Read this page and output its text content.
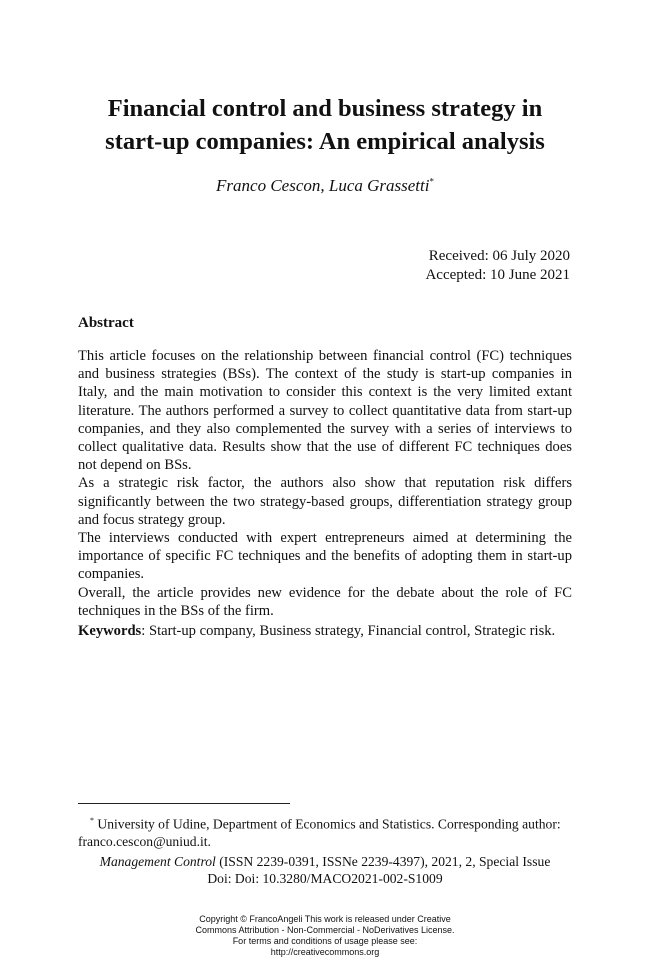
Financial control and business strategy in
start-up companies: An empirical analysis
Franco Cescon, Luca Grassetti*
Received: 06 July 2020
Accepted: 10 June 2021
Abstract

This article focuses on the relationship between financial control (FC) techniques and business strategies (BSs). The context of the study is start-up companies in Italy, and the main motivation to consider this context is the very limited extant literature. The authors performed a survey to collect quantitative data from start-up companies, and they also complemented the survey with a series of interviews to collect qualitative data. Results show that the use of different FC techniques does not depend on BSs.

As a strategic risk factor, the authors also show that reputation risk differs significantly between the two strategy-based groups, differentiation strategy group and focus strategy group.

The interviews conducted with expert entrepreneurs aimed at determining the importance of specific FC techniques and the benefits of adopting them in start-up companies.

Overall, the article provides new evidence for the debate about the role of FC techniques in the BSs of the firm.

Keywords: Start-up company, Business strategy, Financial control, Strategic risk.
* University of Udine, Department of Economics and Statistics. Corresponding author:
franco.cescon@uniud.it.
Management Control (ISSN 2239-0391, ISSNe 2239-4397), 2021, 2, Special Issue
Doi: Doi: 10.3280/MACO2021-002-S1009
Copyright © FrancoAngeli This work is released under Creative
Commons Attribution - Non-Commercial - NoDerivatives License.
For terms and conditions of usage please see:
http://creativecommons.org
